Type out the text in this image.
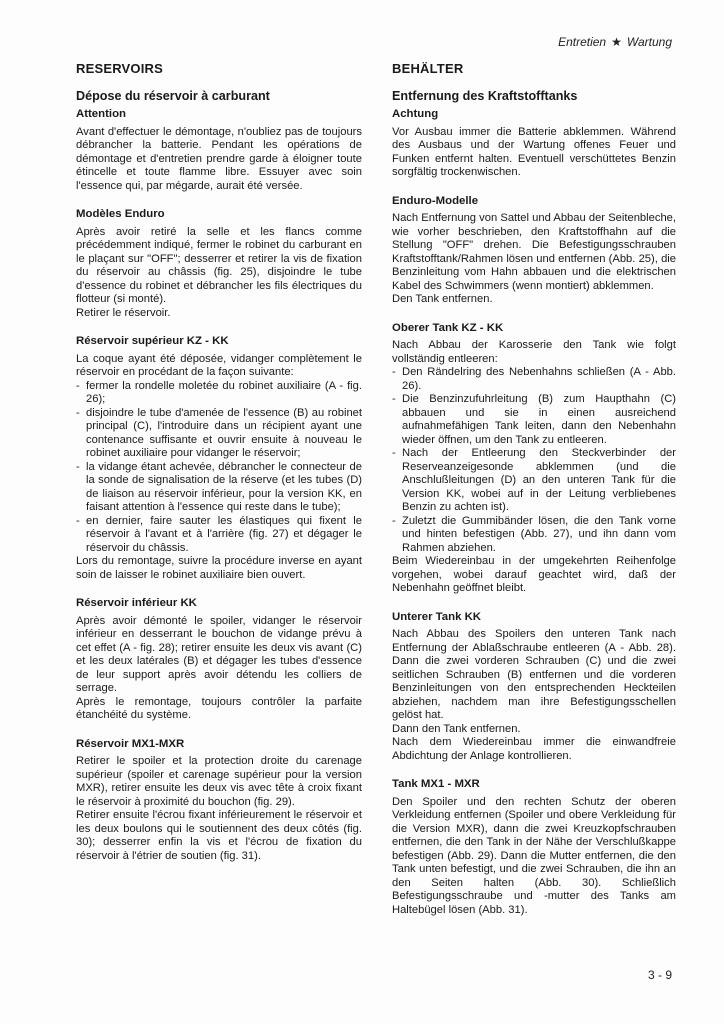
Entretien ★ Wartung
RESERVOIRS
Dépose du réservoir à carburant
Attention

Avant d'effectuer le démontage, n'oubliez pas de toujours débrancher la batterie. Pendant les opérations de démontage et d'entretien prendre garde à éloigner toute étincelle et toute flamme libre. Essuyer avec soin l'essence qui, par mégarde, aurait été versée.

Modèles Enduro

Après avoir retiré la selle et les flancs comme précédemment indiqué, fermer le robinet du carburant en le plaçant sur "OFF"; desserrer et retirer la vis de fixation du réservoir au châssis (fig. 25), disjoindre le tube d'essence du robinet et débrancher les fils électriques du flotteur (si monté).

Retirer le réservoir.

Réservoir supérieur KZ - KK

La coque ayant été déposée, vidanger complètement le réservoir en procédant de la façon suivante:

- fermer la rondelle moletée du robinet auxiliaire (A - fig. 26);
- disjoindre le tube d'amenée de l'essence (B) au robinet principal (C), l'introduire dans un récipient ayant une contenance suffisante et ouvrir ensuite à nouveau le robinet auxiliaire pour vidanger le réservoir;
- la vidange étant achevée, débrancher le connecteur de la sonde de signalisation de la réserve (et les tubes (D) de liaison au réservoir inférieur, pour la version KK, en faisant attention à l'essence qui reste dans le tube);
- en dernier, faire sauter les élastiques qui fixent le réservoir à l'avant et à l'arrière (fig. 27) et dégager le réservoir du châssis.

Lors du remontage, suivre la procédure inverse en ayant soin de laisser le robinet auxiliaire bien ouvert.

Réservoir inférieur KK

Après avoir démonté le spoiler, vidanger le réservoir inférieur en desserrant le bouchon de vidange prévu à cet effet (A - fig. 28); retirer ensuite les deux vis avant (C) et les deux latérales (B) et dégager les tubes d'essence de leur support après avoir détendu les colliers de serrage.

Après le remontage, toujours contrôler la parfaite étanchéité du système.

Réservoir MX1-MXR

Retirer le spoiler et la protection droite du carenage supérieur (spoiler et carenage supérieur pour la version MXR), retirer ensuite les deux vis avec tête à croix fixant le réservoir à proximité du bouchon (fig. 29).

Retirer ensuite l'écrou fixant inférieurement le réservoir et les deux boulons qui le soutiennent des deux côtés (fig. 30); desserrer enfin la vis et l'écrou de fixation du réservoir à l'étrier de soutien (fig. 31).

BEHÄLTER
Entfernung des Kraftstofftanks
Achtung

Vor Ausbau immer die Batterie abklemmen. Während des Ausbaus und der Wartung offenes Feuer und Funken entfernt halten. Eventuell verschüttetes Benzin sorgfältig trockenwischen.

Enduro-Modelle

Nach Entfernung von Sattel und Abbau der Seitenbleche, wie vorher beschrieben, den Kraftstoffhahn auf die Stellung "OFF" drehen. Die Befestigungsschrauben Kraftstofftank/Rahmen lösen und entfernen (Abb. 25), die Benzinleitung vom Hahn abbauen und die elektrischen Kabel des Schwimmers (wenn montiert) abklemmen.

Den Tank entfernen.

Oberer Tank KZ - KK

Nach Abbau der Karosserie den Tank wie folgt vollständig entleeren:

- Den Rändelring des Nebenhahns schließen (A - Abb. 26).
- Die Benzinzufuhrleitung (B) zum Haupthahn (C) abbauen und sie in einen ausreichend aufnahmefähigen Tank leiten, dann den Nebenhahn wieder öffnen, um den Tank zu entleeren.
- Nach der Entleerung den Steckverbinder der Reserveanzeigesonde abklemmen (und die Anschlußleitungen (D) an den unteren Tank für die Version KK, wobei auf in der Leitung verbliebenes Benzin zu achten ist).
- Zuletzt die Gummibänder lösen, die den Tank vorne und hinten befestigen (Abb. 27), und ihn dann vom Rahmen abziehen.

Beim Wiedereinbau in der umgekehrten Reihenfolge vorgehen, wobei darauf geachtet wird, daß der Nebenhahn geöffnet bleibt.

Unterer Tank KK

Nach Abbau des Spoilers den unteren Tank nach Entfernung der Ablaßschraube entleeren (A - Abb. 28). Dann die zwei vorderen Schrauben (C) und die zwei seitlichen Schrauben (B) entfernen und die vorderen Benzinleitungen von den entsprechenden Heckteilen abziehen, nachdem man ihre Befestigungsschellen gelöst hat.

Dann den Tank entfernen.

Nach dem Wiedereinbau immer die einwandfreie Abdichtung der Anlage kontrollieren.

Tank MX1 - MXR

Den Spoiler und den rechten Schutz der oberen Verkleidung entfernen (Spoiler und obere Verkleidung für die Version MXR), dann die zwei Kreuzkopfschrauben entfernen, die den Tank in der Nähe der Verschlußkappe befestigen (Abb. 29). Dann die Mutter entfernen, die den Tank unten befestigt, und die zwei Schrauben, die ihn an den Seiten halten (Abb. 30). Schließlich Befestigungsschraube und -mutter des Tanks am Haltebügel lösen (Abb. 31).

3 - 9
